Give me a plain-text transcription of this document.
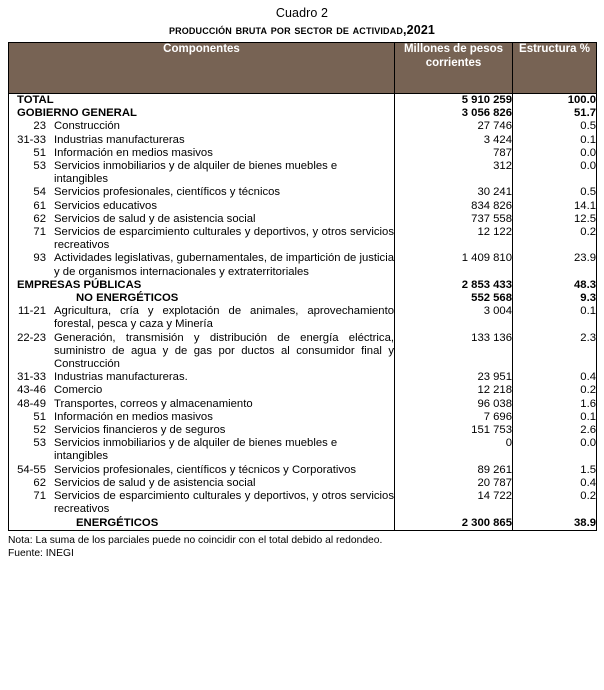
Cuadro 2
producción bruta por sector de actividad,2021
Componentes	Millones de pesos corrientes	Estructura %

TOTAL	5 910 259	100.0

GOBIERNO GENERAL	3 056 826	51.7

23 Construcción	27 746	0.5

31-33 Industrias manufactureras	3 424	0.1

51 Información en medios masivos	787	0.0

53 Servicios inmobiliarios y de alquiler de bienes muebles e intangibles	312	0.0

54 Servicios profesionales, científicos y técnicos	30 241	0.5

61 Servicios educativos	834 826	14.1

62 Servicios de salud y de asistencia social	737 558	12.5

71 Servicios de esparcimiento culturales y deportivos, y otros servicios recreativos	12 122	0.2

93 Actividades legislativas, gubernamentales, de impartición de justicia y de organismos internacionales y extraterritoriales	1 409 810	23.9

EMPRESAS PÚBLICAS	2 853 433	48.3

NO ENERGÉTICOS	552 568	9.3

11-21 Agricultura, cría y explotación de animales, aprovechamiento forestal, pesca y caza y Minería	3 004	0.1

22-23 Generación, transmisión y distribución de energía eléctrica, suministro de agua y de gas por ductos al consumidor final y Construcción	133 136	2.3

31-33 Industrias manufactureras.	23 951	0.4

43-46 Comercio	12 218	0.2

48-49 Transportes, correos y almacenamiento	96 038	1.6

51 Información en medios masivos	7 696	0.1

52 Servicios financieros y de seguros	151 753	2.6

53 Servicios inmobiliarios y de alquiler de bienes muebles e intangibles	0	0.0

54-55 Servicios profesionales, científicos y técnicos y Corporativos	89 261	1.5

62 Servicios de salud y de asistencia social	20 787	0.4

71 Servicios de esparcimiento culturales y deportivos, y otros servicios recreativos	14 722	0.2

ENERGÉTICOS	2 300 865	38.9
Nota: La suma de los parciales puede no coincidir con el total debido al redondeo.
Fuente: INEGI
